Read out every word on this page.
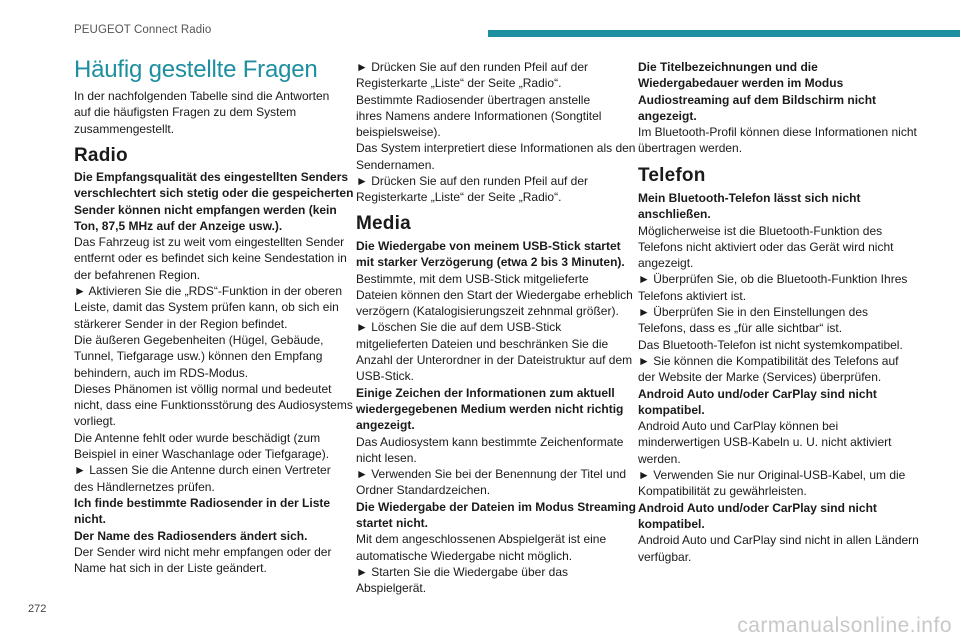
PEUGEOT Connect Radio
Häufig gestellte Fragen

In der nachfolgenden Tabelle sind die Antworten
auf die häufigsten Fragen zu dem System
zusammengestellt.

Radio

Die Empfangsqualität des eingestellten Senders
verschlechtert sich stetig oder die gespeicherten
Sender können nicht empfangen werden (kein
Ton, 87,5 MHz auf der Anzeige usw.).

Das Fahrzeug ist zu weit vom eingestellten Sender
entfernt oder es befindet sich keine Sendestation in
der befahrenen Region.

► Aktivieren Sie die „RDS“-Funktion in der oberen
Leiste, damit das System prüfen kann, ob sich ein
stärkerer Sender in der Region befindet.

Die äußeren Gegebenheiten (Hügel, Gebäude,
Tunnel, Tiefgarage usw.) können den Empfang
behindern, auch im RDS-Modus.

Dieses Phänomen ist völlig normal und bedeutet
nicht, dass eine Funktionsstörung des Audiosystems
vorliegt.

Die Antenne fehlt oder wurde beschädigt (zum
Beispiel in einer Waschanlage oder Tiefgarage).

► Lassen Sie die Antenne durch einen Vertreter
des Händlernetzes prüfen.

Ich finde bestimmte Radiosender in der Liste
nicht.

Der Name des Radiosenders ändert sich.

Der Sender wird nicht mehr empfangen oder der
Name hat sich in der Liste geändert.

► Drücken Sie auf den runden Pfeil auf der
Registerkarte „Liste“ der Seite „Radio“.

Bestimmte Radiosender übertragen anstelle
ihres Namens andere Informationen (Songtitel
beispielsweise).

Das System interpretiert diese Informationen als den
Sendernamen.

► Drücken Sie auf den runden Pfeil auf der
Registerkarte „Liste“ der Seite „Radio“.

Media

Die Wiedergabe von meinem USB-Stick startet
mit starker Verzögerung (etwa 2 bis 3 Minuten).

Bestimmte, mit dem USB-Stick mitgelieferte
Dateien können den Start der Wiedergabe erheblich
verzögern (Katalogisierungszeit zehnmal größer).

► Löschen Sie die auf dem USB-Stick
mitgelieferten Dateien und beschränken Sie die
Anzahl der Unterordner in der Dateistruktur auf dem
USB-Stick.

Einige Zeichen der Informationen zum aktuell
wiedergegebenen Medium werden nicht richtig
angezeigt.

Das Audiosystem kann bestimmte Zeichenformate
nicht lesen.

► Verwenden Sie bei der Benennung der Titel und
Ordner Standardzeichen.

Die Wiedergabe der Dateien im Modus Streaming
startet nicht.

Mit dem angeschlossenen Abspielgerät ist eine
automatische Wiedergabe nicht möglich.

► Starten Sie die Wiedergabe über das
Abspielgerät.

Die Titelbezeichnungen und die
Wiedergabedauer werden im Modus
Audiostreaming auf dem Bildschirm nicht
angezeigt.

Im Bluetooth-Profil können diese Informationen nicht
übertragen werden.

Telefon

Mein Bluetooth-Telefon lässt sich nicht
anschließen.

Möglicherweise ist die Bluetooth-Funktion des
Telefons nicht aktiviert oder das Gerät wird nicht
angezeigt.

► Überprüfen Sie, ob die Bluetooth-Funktion Ihres
Telefons aktiviert ist.

► Überprüfen Sie in den Einstellungen des
Telefons, dass es „für alle sichtbar“ ist.

Das Bluetooth-Telefon ist nicht systemkompatibel.

► Sie können die Kompatibilität des Telefons auf
der Website der Marke (Services) überprüfen.

Android Auto und/oder CarPlay sind nicht
kompatibel.

Android Auto und CarPlay können bei
minderwertigen USB-Kabeln u. U. nicht aktiviert
werden.

► Verwenden Sie nur Original-USB-Kabel, um die
Kompatibilität zu gewährleisten.

Android Auto und/oder CarPlay sind nicht
kompatibel.

Android Auto und CarPlay sind nicht in allen Ländern
verfügbar.

272
carmanualsonline.info
